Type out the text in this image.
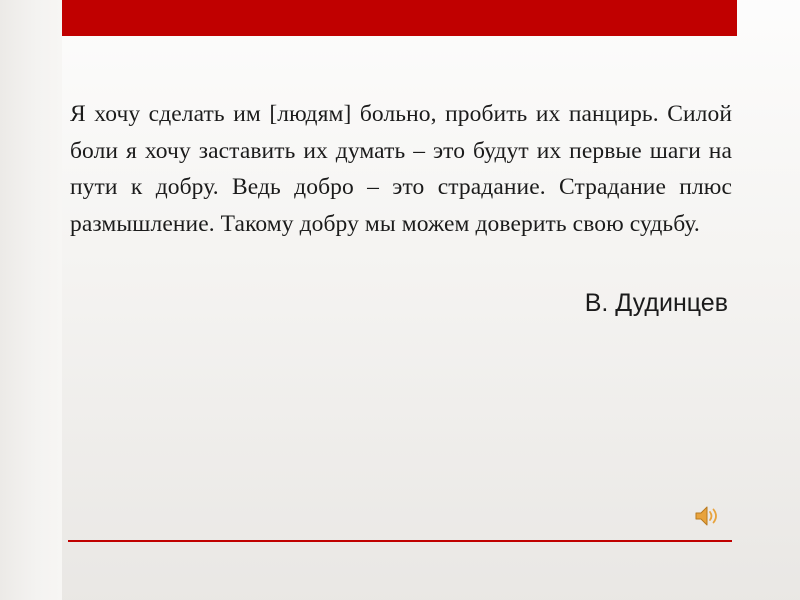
Я хочу сделать им [людям] больно, пробить их панцирь. Силой боли я хочу заставить их думать – это будут их первые шаги на пути к добру. Ведь добро – это страдание. Страдание плюс размышление. Такому добру мы можем доверить свою судьбу.

В. Дудинцев
